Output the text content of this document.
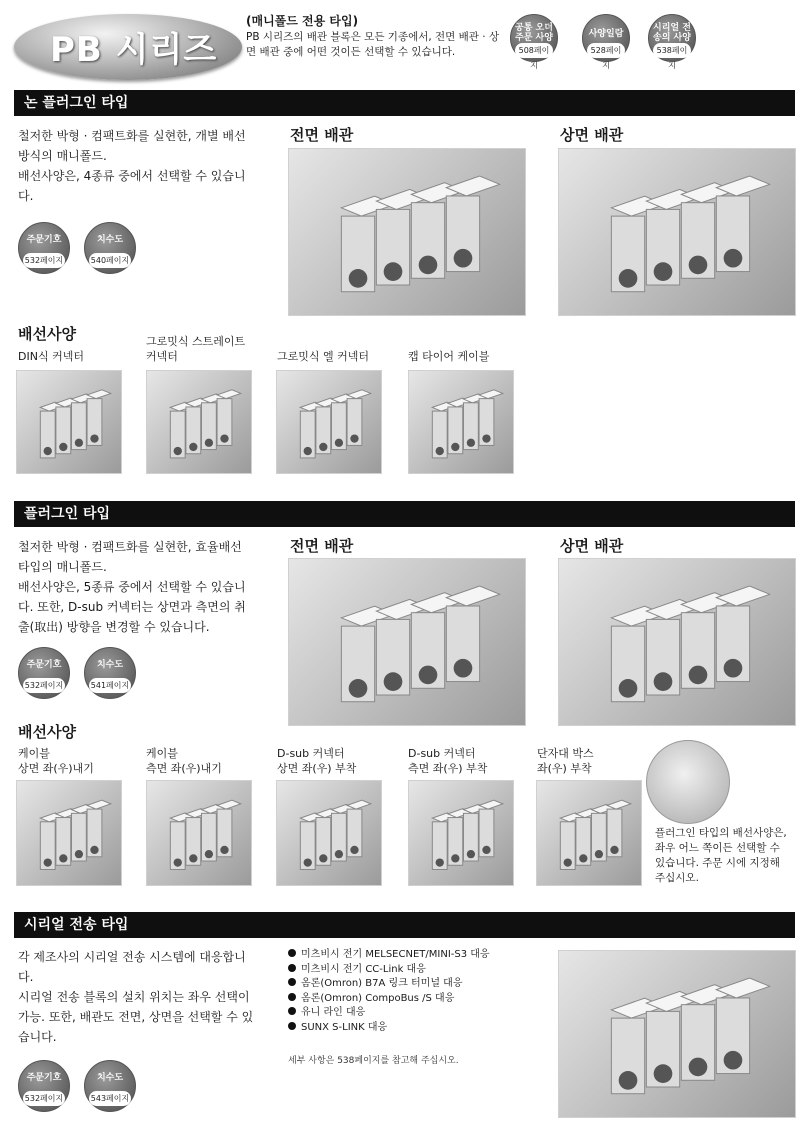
PB 시리즈
(매니폴드 전용 타입)
PB 시리즈의 배관 블록은 모든 기종에서, 전면 배관 · 상면 배관 중에 어떤 것이든 선택할 수 있습니다.
공통 오더 주문 사양
508페이지
사양일람
528페이지
시리얼 전송의 사양
538페이지
논 플러그인 타입
철저한 박형 · 컴팩트화를 실현한, 개별 배선
방식의 매니폴드.
배선사양은, 4종류 중에서 선택할 수 있습니
다.
주문기호
532페이지
치수도
540페이지
전면 배관	상면 배관
배선사양
DIN식 커넥터
그로밋식 스트레이트 커넥터	그로밋식 엘 커넥터	캡 타이어 케이블
플러그인 타입
철저한 박형 · 컴팩트화를 실현한, 효율배선
타입의 매니폴드.
배선사양은, 5종류 중에서 선택할 수 있습니
다. 또한, D-sub 커넥터는 상면과 측면의 취
출(取出) 방향을 변경할 수 있습니다.
주문기호
532페이지
치수도
541페이지
전면 배관	상면 배관
배선사양
케이블
상면 좌(우)내기
케이블
측면 좌(우)내기
D-sub 커넥터
상면 좌(우) 부착
D-sub 커넥터
측면 좌(우) 부착
단자대 박스
좌(우) 부착
플러그인 타입의 배선사양은,
좌우 어느 쪽이든 선택할 수
있습니다. 주문 시에 지정해
주십시오.
시리얼 전송 타입
각 제조사의 시리얼 전송 시스템에 대응합니
다.
시리얼 전송 블록의 설치 위치는 좌우 선택이
가능. 또한, 배관도 전면, 상면을 선택할 수 있
습니다.
주문기호
532페이지
치수도
543페이지
미츠비시 전기 MELSECNET/MINI-S3 대응
미츠비시 전기 CC-Link 대응
옴론(Omron) B7A 링크 터미널 대응
옴론(Omron) CompoBus /S 대응
유니 라인 대응
SUNX S-LINK 대응
세부 사항은 538페이지를 참고해 주십시오.
